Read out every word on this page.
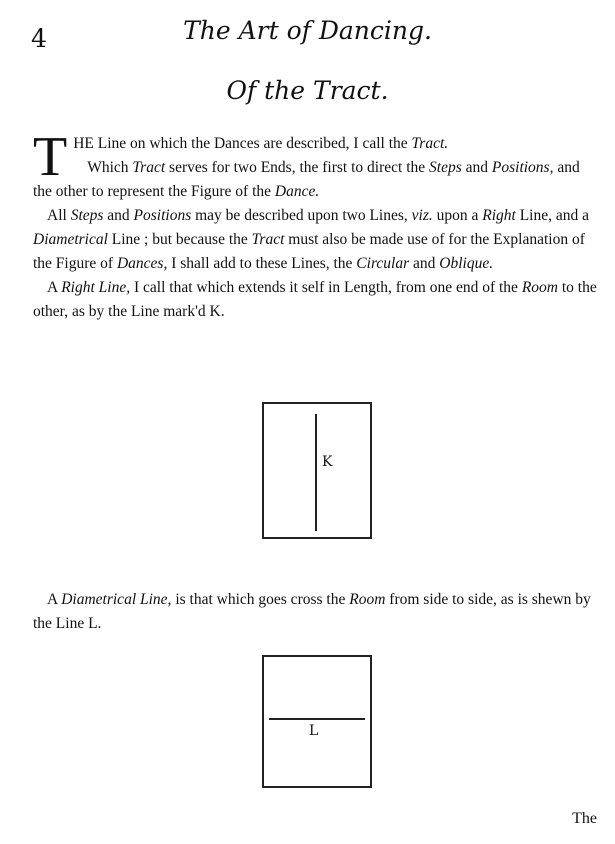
4	The Art of Dancing.
Of the Tract.

THE Line on which the Dances are described, I call the Tract.

Which Tract serves for two Ends, the first to direct the Steps and Positions, and the other to represent the Figure of the Dance.

All Steps and Positions may be described upon two Lines, viz. upon a Right Line, and a Diametrical Line ; but because the Tract must also be made use of for the Explanation of the Figure of Dances, I shall add to these Lines, the Circular and Oblique.

A Right Line, I call that which extends it self in Length, from one end of the Room to the other, as by the Line mark'd K.

K

A Diametrical Line, is that which goes cross the Room from side to side, as is shewn by the Line L.

L
The
